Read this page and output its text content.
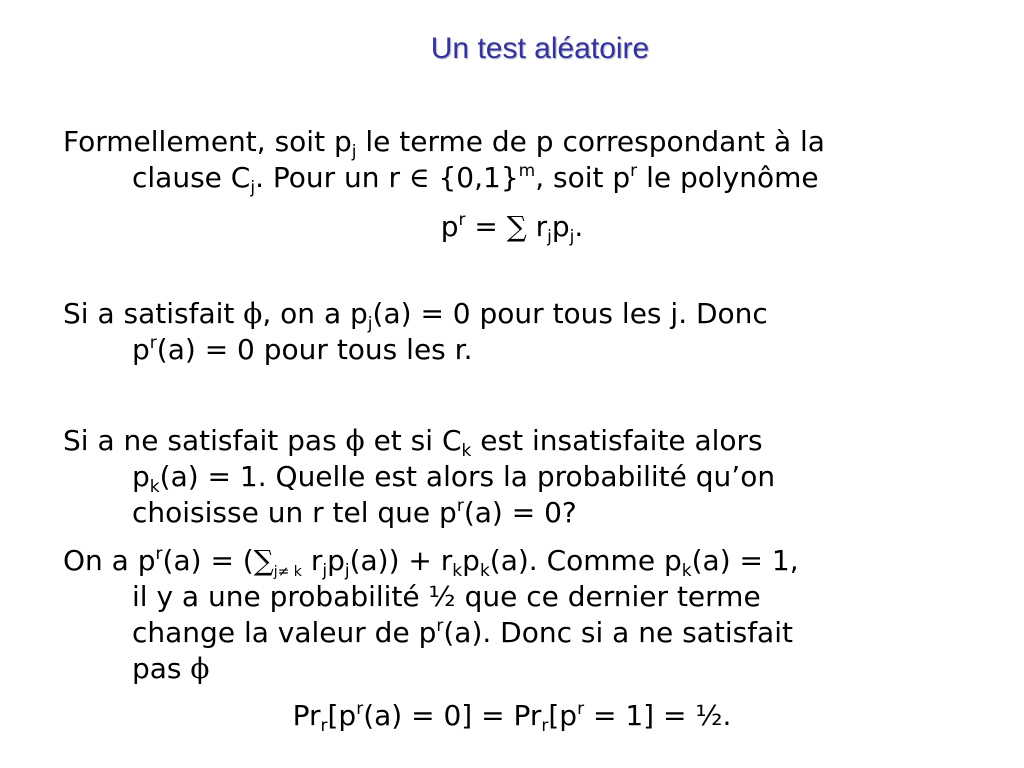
Un test aléatoire
Formellement, soit $p_j$ le terme de p correspondant à la
clause $C_j$. Pour un r ∈ $\{0,1\}^m$, soit $p^r$ le polynôme
$p^r$ = ∑ $r_jp_j$.
Si a satisfait ϕ, on a $p_j(a) = 0$ pour tous les j. Donc
$p^r(a) = 0$ pour tous les r.
Si a ne satisfait pas ϕ et si $C_k$ est insatisfaite alors
$p_k(a) = 1$. Quelle est alors la probabilité qu’on
choisisse un r tel que $p^r(a) = 0$?
On a $p^r(a) = (\sum_{j\ne k}$ $r_jp_j(a)) + r_kp_k(a)$. Comme $p_k(a) = 1$,
il y a une probabilité ½ que ce dernier terme
change la valeur de $p^r(a)$. Donc si a ne satisfait
pas ϕ
$Pr_r[p^r(a) = 0] = Pr_r[p^r = 1]$ = ½.
